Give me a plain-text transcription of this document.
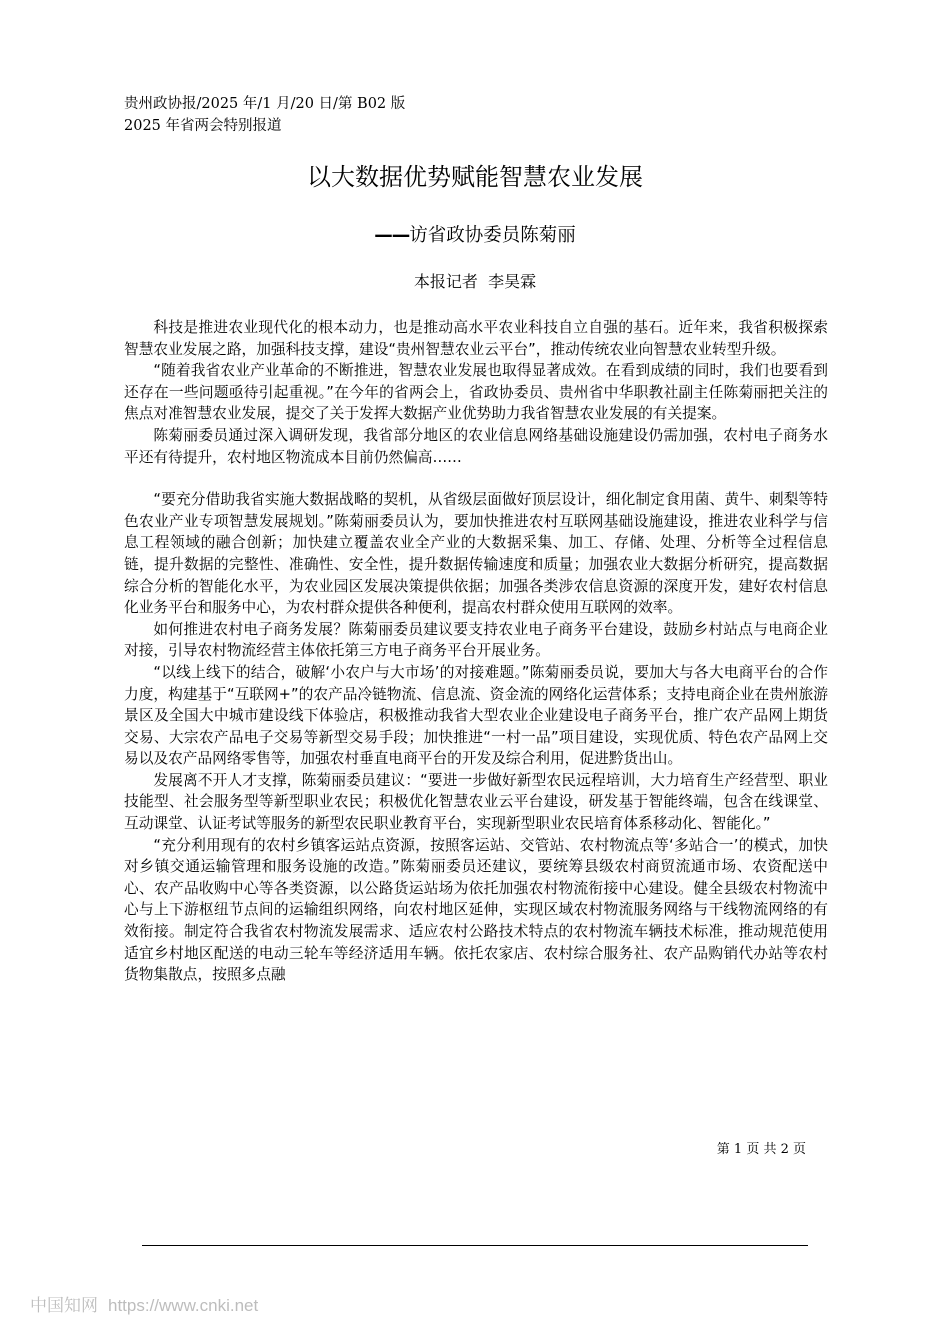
贵州政协报/2025 年/1 月/20 日/第 B02 版 2025 年省两会特别报道

以大数据优势赋能智慧农业发展

——访省政协委员陈菊丽

本报记者  李昊霖

科技是推进农业现代化的根本动力，也是推动高水平农业科技自立自强的基石。近年来，我省积极探索智慧农业发展之路，加强科技支撑，建设“贵州智慧农业云平台”，推动传统农业向智慧农业转型升级。

“随着我省农业产业革命的不断推进，智慧农业发展也取得显著成效。在看到成绩的同时，我们也要看到还存在一些问题亟待引起重视。”在今年的省两会上，省政协委员、贵州省中华职教社副主任陈菊丽把关注的焦点对准智慧农业发展，提交了关于发挥大数据产业优势助力我省智慧农业发展的有关提案。

陈菊丽委员通过深入调研发现，我省部分地区的农业信息网络基础设施建设仍需加强，农村电子商务水平还有待提升，农村地区物流成本目前仍然偏高……

“要充分借助我省实施大数据战略的契机，从省级层面做好顶层设计，细化制定食用菌、黄牛、刺梨等特色农业产业专项智慧发展规划。”陈菊丽委员认为，要加快推进农村互联网基础设施建设，推进农业科学与信息工程领域的融合创新；加快建立覆盖农业全产业的大数据采集、加工、存储、处理、分析等全过程信息链，提升数据的完整性、准确性、安全性，提升数据传输速度和质量；加强农业大数据分析研究，提高数据综合分析的智能化水平，为农业园区发展决策提供依据；加强各类涉农信息资源的深度开发，建好农村信息化业务平台和服务中心，为农村群众提供各种便利，提高农村群众使用互联网的效率。

如何推进农村电子商务发展？陈菊丽委员建议要支持农业电子商务平台建设，鼓励乡村站点与电商企业对接，引导农村物流经营主体依托第三方电子商务平台开展业务。

“以线上线下的结合，破解‘小农户与大市场’的对接难题。”陈菊丽委员说，要加大与各大电商平台的合作力度，构建基于“互联网+”的农产品冷链物流、信息流、资金流的网络化运营体系；支持电商企业在贵州旅游景区及全国大中城市建设线下体验店，积极推动我省大型农业企业建设电子商务平台，推广农产品网上期货交易、大宗农产品电子交易等新型交易手段；加快推进“一村一品”项目建设，实现优质、特色农产品网上交易以及农产品网络零售等，加强农村垂直电商平台的开发及综合利用，促进黔货出山。

发展离不开人才支撑，陈菊丽委员建议：“要进一步做好新型农民远程培训，大力培育生产经营型、职业技能型、社会服务型等新型职业农民；积极优化智慧农业云平台建设，研发基于智能终端，包含在线课堂、互动课堂、认证考试等服务的新型农民职业教育平台，实现新型职业农民培育体系移动化、智能化。”

“充分利用现有的农村乡镇客运站点资源，按照客运站、交管站、农村物流点等‘多站合一’的模式，加快对乡镇交通运输管理和服务设施的改造。”陈菊丽委员还建议，要统筹县级农村商贸流通市场、农资配送中心、农产品收购中心等各类资源，以公路货运站场为依托加强农村物流衔接中心建设。健全县级农村物流中心与上下游枢纽节点间的运输组织网络，向农村地区延伸，实现区域农村物流服务网络与干线物流网络的有效衔接。制定符合我省农村物流发展需求、适应农村公路技术特点的农村物流车辆技术标准，推动规范使用适宜乡村地区配送的电动三轮车等经济适用车辆。依托农家店、农村综合服务社、农产品购销代办站等农村货物集散点，按照多点融

第 1 页 共 2 页

中国知网 https://www.cnki.net
